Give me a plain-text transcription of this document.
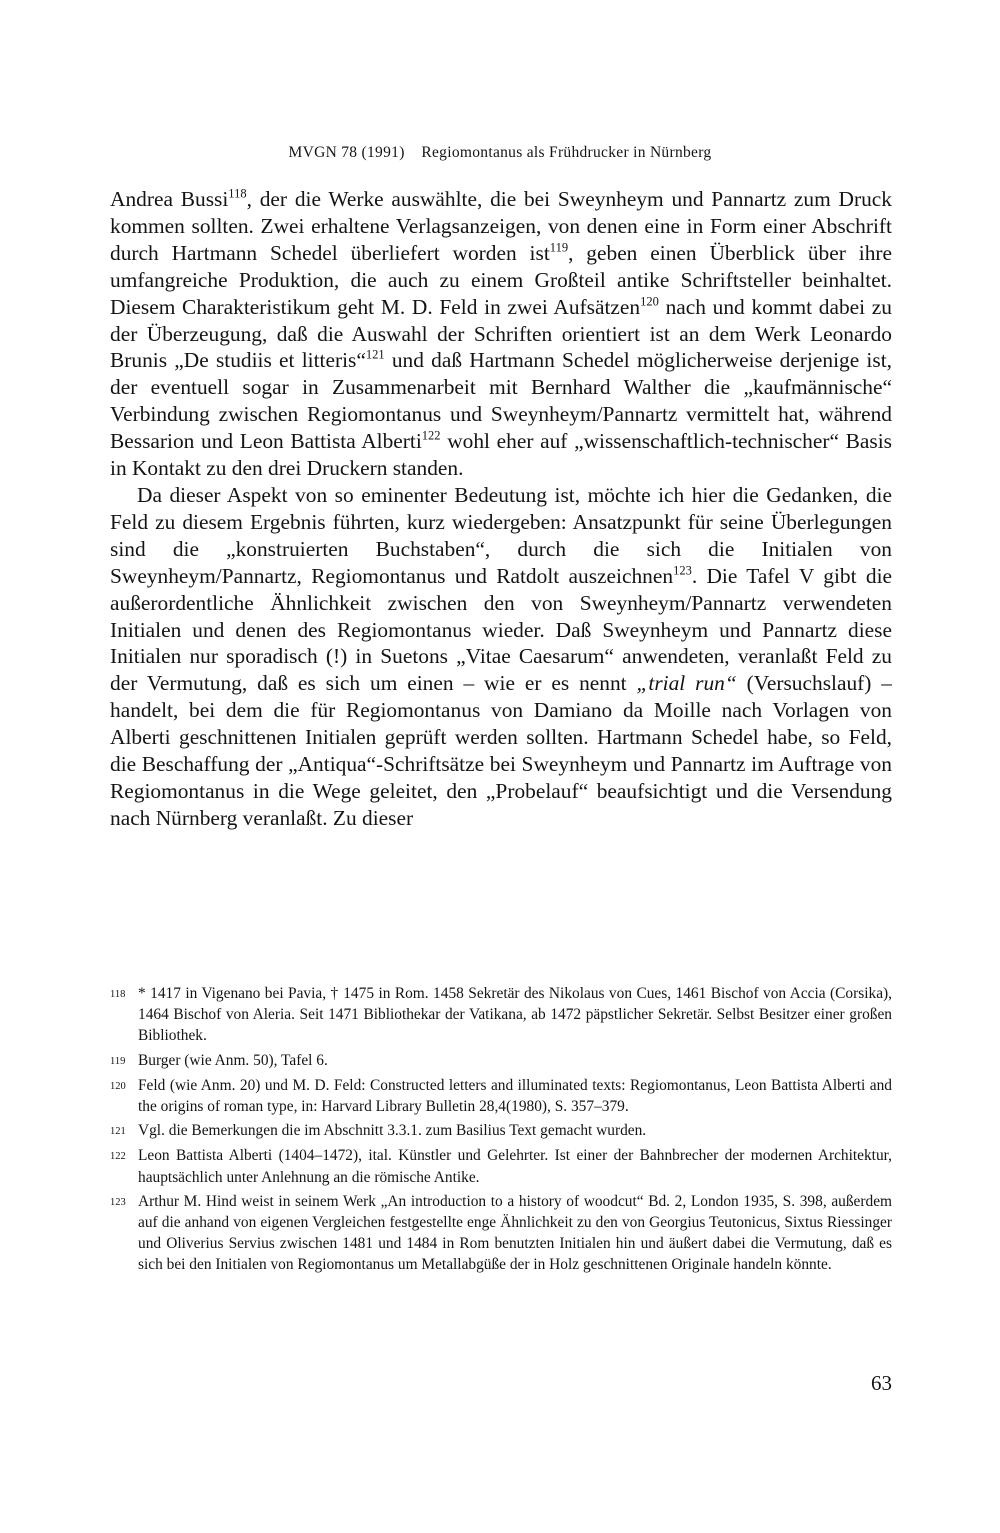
MVGN 78 (1991)    Regiomontanus als Frühdrucker in Nürnberg

Andrea Bussi$^{118}$, der die Werke auswählte, die bei Sweynheym und Pannartz zum Druck kommen sollten. Zwei erhaltene Verlagsanzeigen, von denen eine in Form einer Abschrift durch Hartmann Schedel überliefert worden ist$^{119}$, geben einen Überblick über ihre umfangreiche Produktion, die auch zu einem Großteil antike Schriftsteller beinhaltet. Diesem Charakteristikum geht M. D. Feld in zwei Aufsätzen$^{120}$ nach und kommt dabei zu der Überzeugung, daß die Auswahl der Schriften orientiert ist an dem Werk Leonardo Brunis „De studiis et litteris“$^{121}$ und daß Hartmann Schedel möglicherweise derjenige ist, der eventuell sogar in Zusammenarbeit mit Bernhard Walther die „kaufmännische“ Verbindung zwischen Regiomontanus und Sweynheym/Pannartz vermittelt hat, während Bessarion und Leon Battista Alberti$^{122}$ wohl eher auf „wissenschaftlich-technischer“ Basis in Kontakt zu den drei Druckern standen.

Da dieser Aspekt von so eminenter Bedeutung ist, möchte ich hier die Gedanken, die Feld zu diesem Ergebnis führten, kurz wiedergeben: Ansatzpunkt für seine Überlegungen sind die „konstruierten Buchstaben“, durch die sich die Initialen von Sweynheym/Pannartz, Regiomontanus und Ratdolt auszeichnen$^{123}$. Die Tafel V gibt die außerordentliche Ähnlichkeit zwischen den von Sweynheym/Pannartz verwendeten Initialen und denen des Regiomontanus wieder. Daß Sweynheym und Pannartz diese Initialen nur sporadisch (!) in Suetons „Vitae Caesarum“ anwendeten, veranlaßt Feld zu der Vermutung, daß es sich um einen – wie er es nennt „trial run“ (Versuchslauf) – handelt, bei dem die für Regiomontanus von Damiano da Moille nach Vorlagen von Alberti geschnittenen Initialen geprüft werden sollten. Hartmann Schedel habe, so Feld, die Beschaffung der „Antiqua“-Schriftsätze bei Sweynheym und Pannartz im Auftrage von Regiomontanus in die Wege geleitet, den „Probelauf“ beaufsichtigt und die Versendung nach Nürnberg veranlaßt. Zu dieser

118 * 1417 in Vigenano bei Pavia, † 1475 in Rom. 1458 Sekretär des Nikolaus von Cues, 1461 Bischof von Accia (Corsika), 1464 Bischof von Aleria. Seit 1471 Bibliothekar der Vatikana, ab 1472 päpstlicher Sekretär. Selbst Besitzer einer großen Bibliothek.
119 Burger (wie Anm. 50), Tafel 6.
120 Feld (wie Anm. 20) und M. D. Feld: Constructed letters and illuminated texts: Regiomontanus, Leon Battista Alberti and the origins of roman type, in: Harvard Library Bulletin 28,4(1980), S. 357–379.
121 Vgl. die Bemerkungen die im Abschnitt 3.3.1. zum Basilius Text gemacht wurden.
122 Leon Battista Alberti (1404–1472), ital. Künstler und Gelehrter. Ist einer der Bahnbrecher der modernen Architektur, hauptsächlich unter Anlehnung an die römische Antike.
123 Arthur M. Hind weist in seinem Werk „An introduction to a history of woodcut“ Bd. 2, London 1935, S. 398, außerdem auf die anhand von eigenen Vergleichen festgestellte enge Ähnlichkeit zu den von Georgius Teutonicus, Sixtus Riessinger und Oliverius Servius zwischen 1481 und 1484 in Rom benutzten Initialen hin und äußert dabei die Vermutung, daß es sich bei den Initialen von Regiomontanus um Metallabgüße der in Holz geschnittenen Originale handeln könnte.
63
